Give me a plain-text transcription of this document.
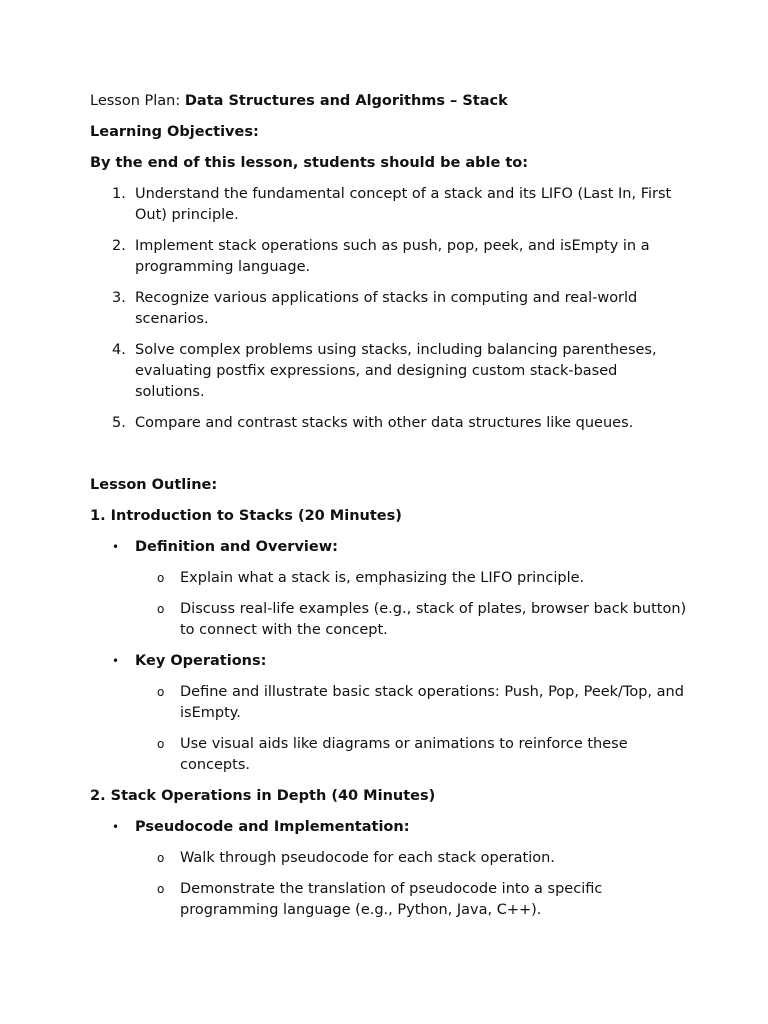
Lesson Plan: Data Structures and Algorithms – Stack

Learning Objectives:

By the end of this lesson, students should be able to:

1. Understand the fundamental concept of a stack and its LIFO (Last In, First Out) principle.
2. Implement stack operations such as push, pop, peek, and isEmpty in a programming language.
3. Recognize various applications of stacks in computing and real-world scenarios.
4. Solve complex problems using stacks, including balancing parentheses, evaluating postfix expressions, and designing custom stack-based solutions.
5. Compare and contrast stacks with other data structures like queues.

Lesson Outline:

1. Introduction to Stacks (20 Minutes)

• Definition and Overview:
o Explain what a stack is, emphasizing the LIFO principle.
o Discuss real-life examples (e.g., stack of plates, browser back button) to connect with the concept.
• Key Operations:
o Define and illustrate basic stack operations: Push, Pop, Peek/Top, and isEmpty.
o Use visual aids like diagrams or animations to reinforce these concepts.

2. Stack Operations in Depth (40 Minutes)

• Pseudocode and Implementation:
o Walk through pseudocode for each stack operation.
o Demonstrate the translation of pseudocode into a specific programming language (e.g., Python, Java, C++).
